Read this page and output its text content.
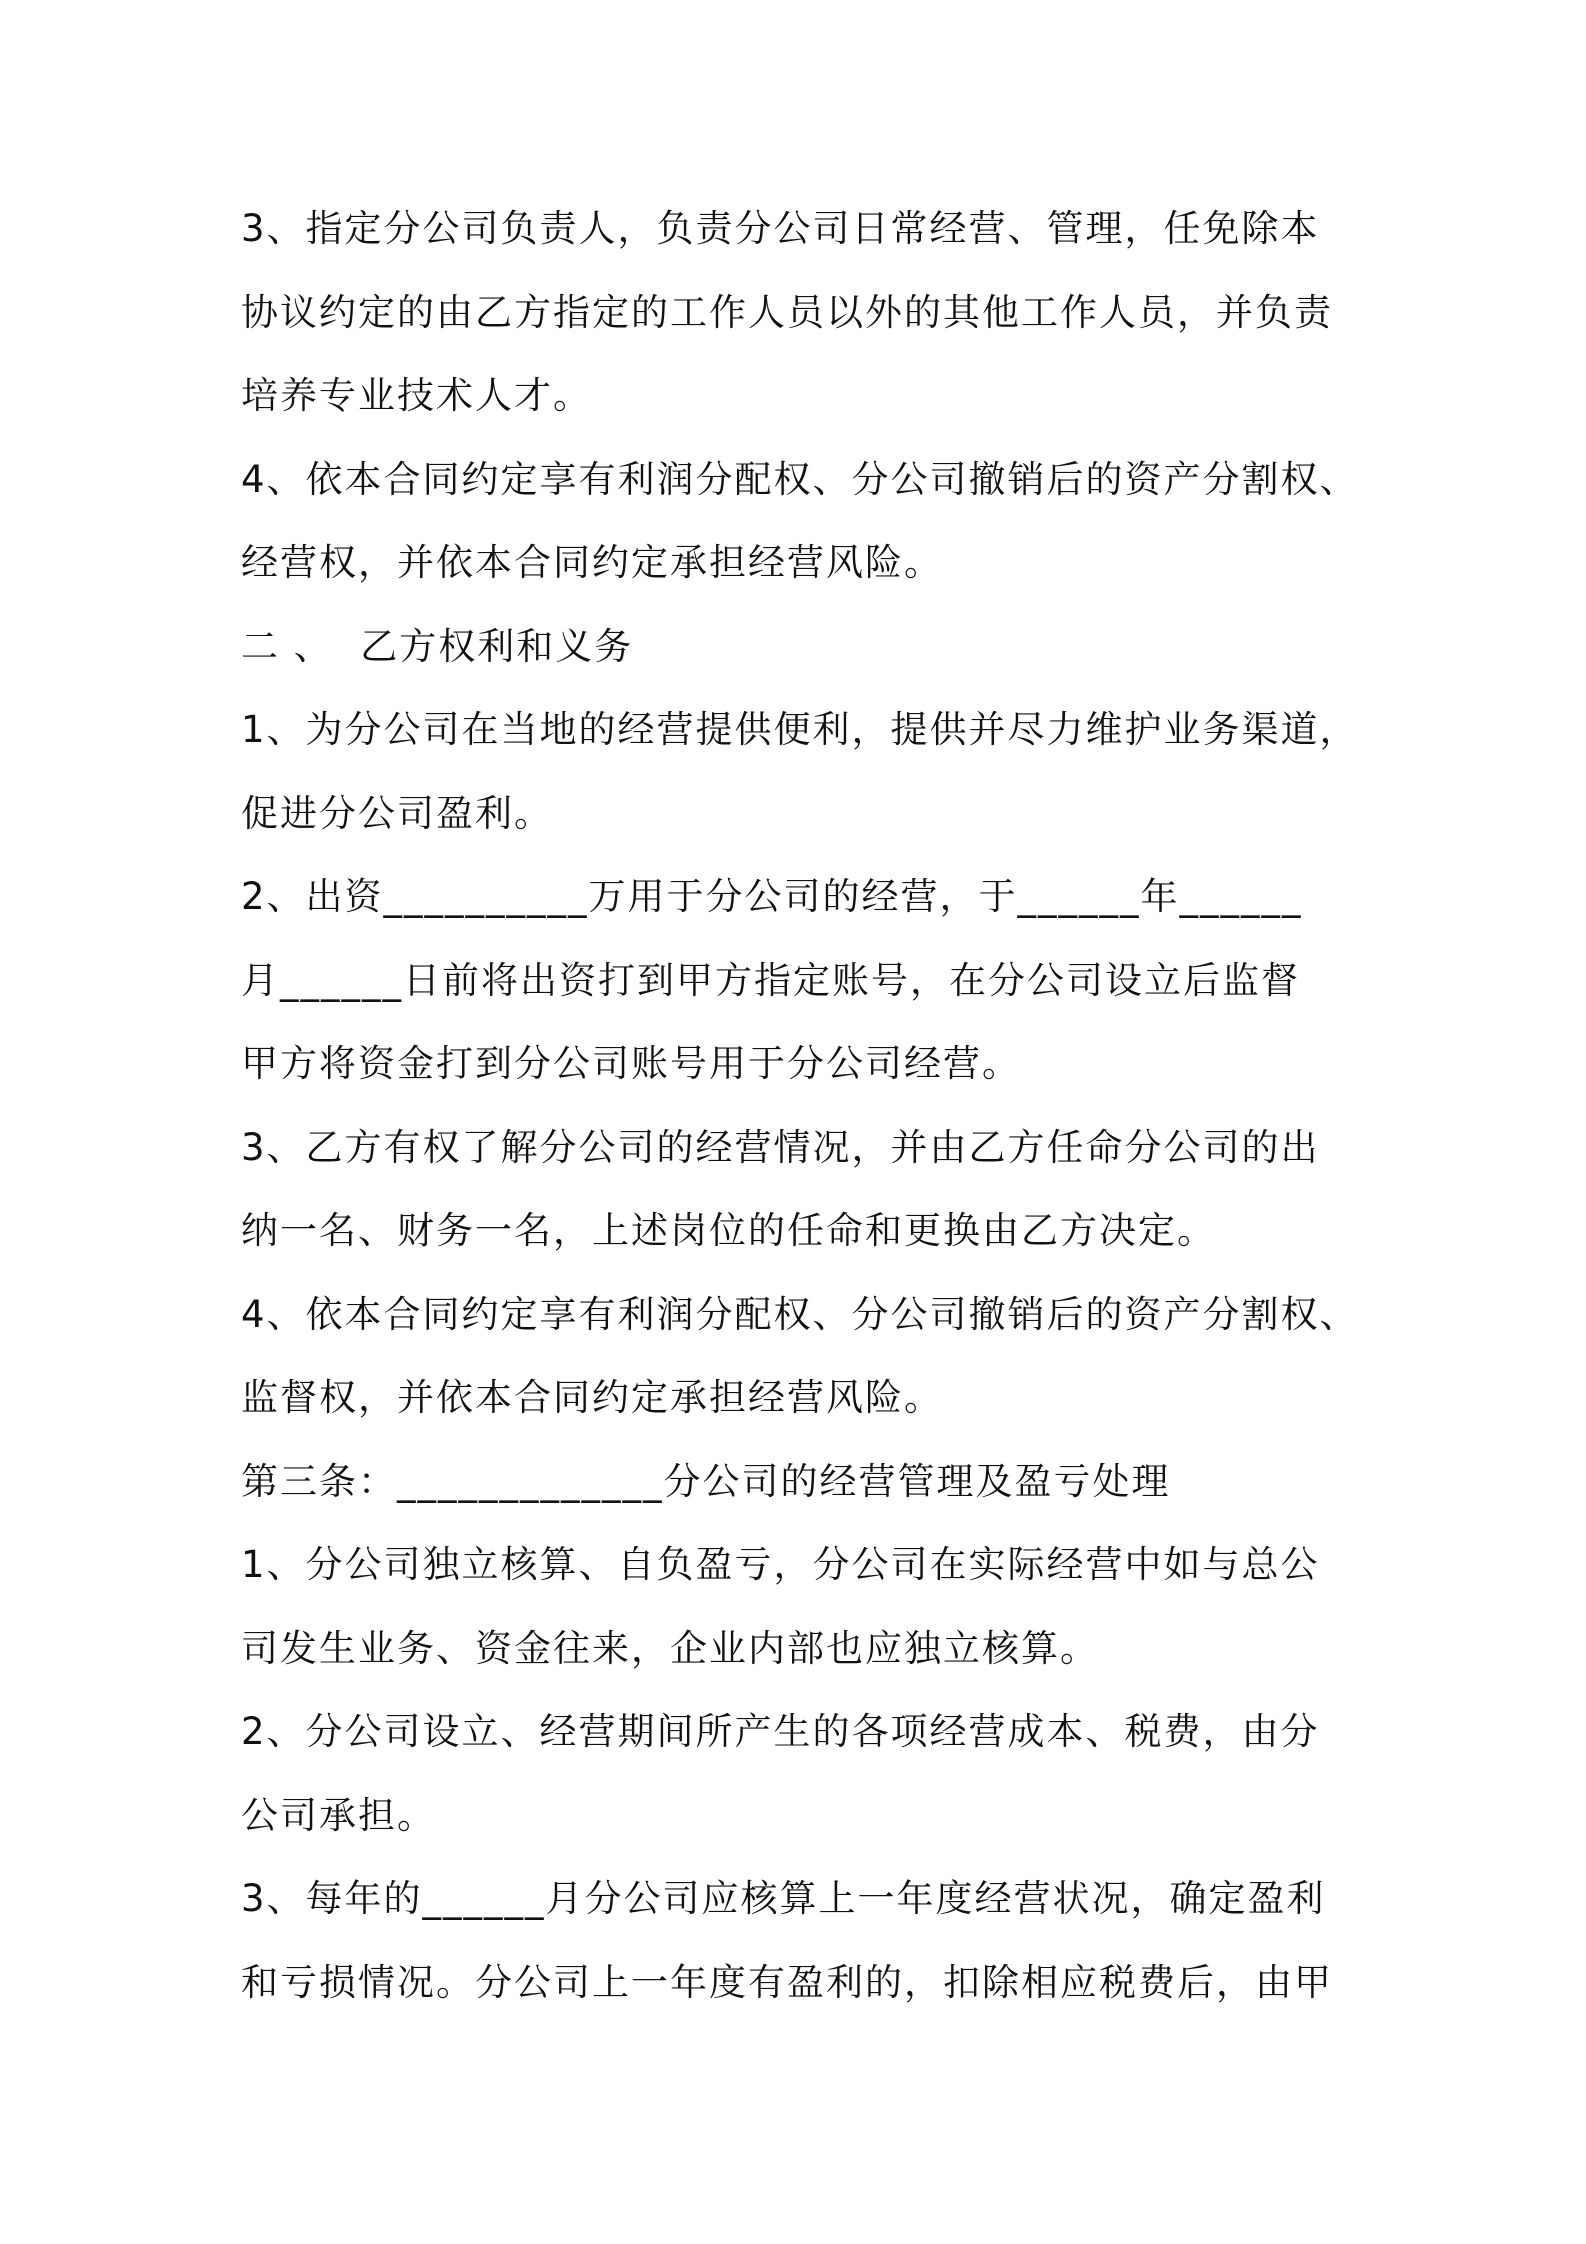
3、指定分公司负责人，负责分公司日常经营、管理，任免除本
协议约定的由乙方指定的工作人员以外的其他工作人员，并负责
培养专业技术人才。
4、依本合同约定享有利润分配权、分公司撤销后的资产分割权、
经营权，并依本合同约定承担经营风险。
二 、  乙方权利和义务
1、为分公司在当地的经营提供便利，提供并尽力维护业务渠道，
促进分公司盈利。
2、出资__________万用于分公司的经营，于______年______
月______日前将出资打到甲方指定账号，在分公司设立后监督
甲方将资金打到分公司账号用于分公司经营。
3、乙方有权了解分公司的经营情况，并由乙方任命分公司的出
纳一名、财务一名，上述岗位的任命和更换由乙方决定。
4、依本合同约定享有利润分配权、分公司撤销后的资产分割权、
监督权，并依本合同约定承担经营风险。
第三条：_____________分公司的经营管理及盈亏处理
1、分公司独立核算、自负盈亏，分公司在实际经营中如与总公
司发生业务、资金往来，企业内部也应独立核算。
2、分公司设立、经营期间所产生的各项经营成本、税费，由分
公司承担。
3、每年的______月分公司应核算上一年度经营状况，确定盈利
和亏损情况。分公司上一年度有盈利的，扣除相应税费后，由甲
